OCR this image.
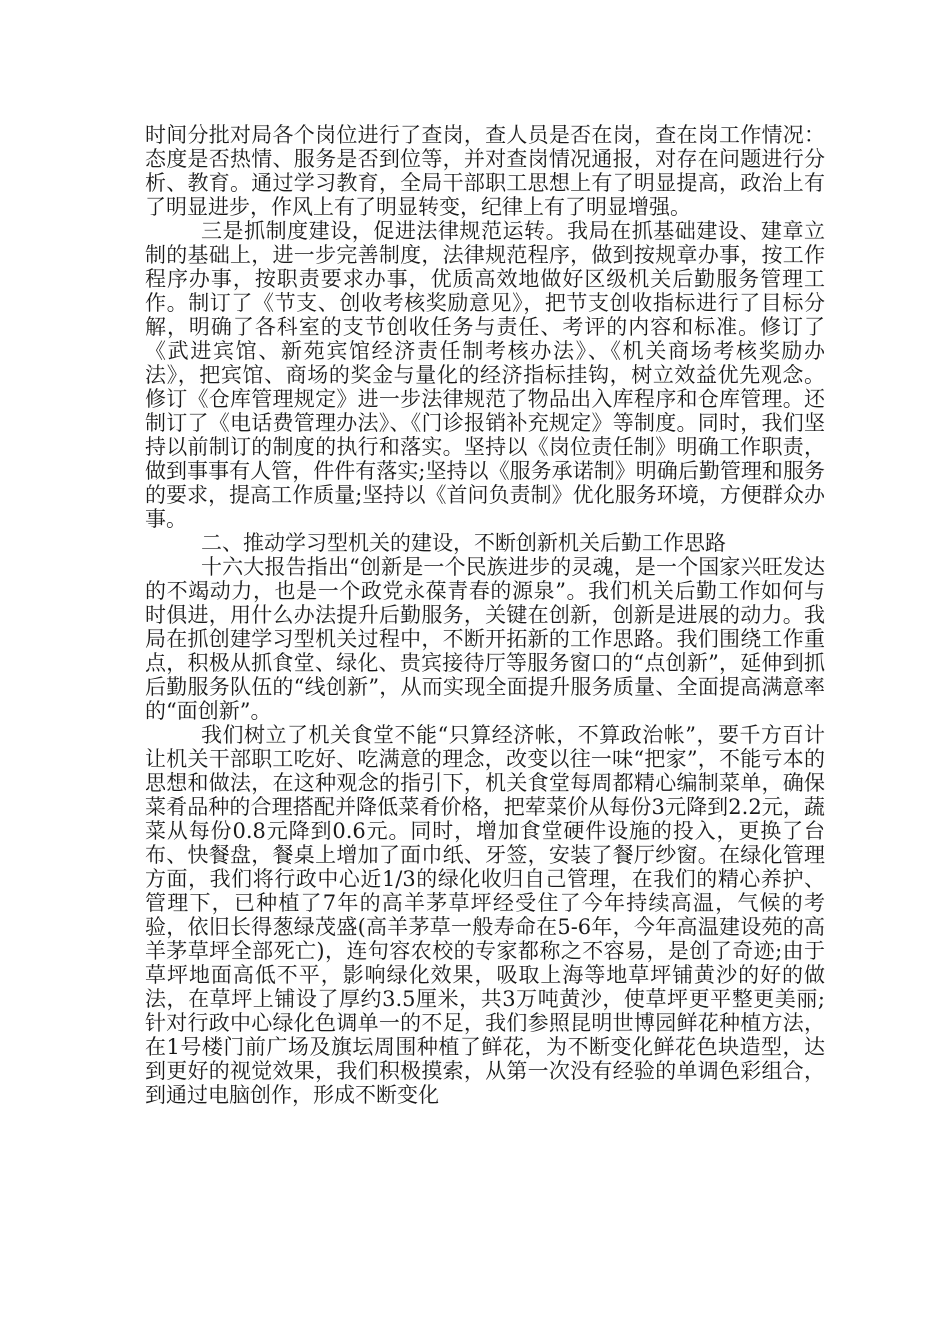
时间分批对局各个岗位进行了查岗，查人员是否在岗，查在岗工作情况：态度是否热情、服务是否到位等，并对查岗情况通报，对存在问题进行分析、教育。通过学习教育，全局干部职工思想上有了明显提高，政治上有了明显进步，作风上有了明显转变，纪律上有了明显增强。

三是抓制度建设，促进法律规范运转。我局在抓基础建设、建章立制的基础上，进一步完善制度，法律规范程序，做到按规章办事，按工作程序办事，按职责要求办事，优质高效地做好区级机关后勤服务管理工作。制订了《节支、创收考核奖励意见》，把节支创收指标进行了目标分解，明确了各科室的支节创收任务与责任、考评的内容和标准。修订了《武进宾馆、新苑宾馆经济责任制考核办法》、《机关商场考核奖励办法》，把宾馆、商场的奖金与量化的经济指标挂钩，树立效益优先观念。修订《仓库管理规定》进一步法律规范了物品出入库程序和仓库管理。还制订了《电话费管理办法》、《门诊报销补充规定》等制度。同时，我们坚持以前制订的制度的执行和落实。坚持以《岗位责任制》明确工作职责，做到事事有人管，件件有落实;坚持以《服务承诺制》明确后勤管理和服务的要求，提高工作质量;坚持以《首问负责制》优化服务环境，方便群众办事。

二、推动学习型机关的建设，不断创新机关后勤工作思路

十六大报告指出“创新是一个民族进步的灵魂，是一个国家兴旺发达的不竭动力，也是一个政党永葆青春的源泉”。我们机关后勤工作如何与时俱进，用什么办法提升后勤服务，关键在创新，创新是进展的动力。我局在抓创建学习型机关过程中，不断开拓新的工作思路。我们围绕工作重点，积极从抓食堂、绿化、贵宾接待厅等服务窗口的“点创新”，延伸到抓后勤服务队伍的“线创新”，从而实现全面提升服务质量、全面提高满意率的“面创新”。

我们树立了机关食堂不能“只算经济帐，不算政治帐”，要千方百计让机关干部职工吃好、吃满意的理念，改变以往一味“把家”，不能亏本的思想和做法，在这种观念的指引下，机关食堂每周都精心编制菜单，确保菜肴品种的合理搭配并降低菜肴价格，把荤菜价从每份3元降到2.2元，蔬菜从每份0.8元降到0.6元。同时，增加食堂硬件设施的投入，更换了台布、快餐盘，餐桌上增加了面巾纸、牙签，安装了餐厅纱窗。在绿化管理方面，我们将行政中心近1/3的绿化收归自己管理，在我们的精心养护、管理下，已种植了7年的高羊茅草坪经受住了今年持续高温，气候的考验，依旧长得葱绿茂盛(高羊茅草一般寿命在5-6年，今年高温建设苑的高羊茅草坪全部死亡)，连句容农校的专家都称之不容易，是创了奇迹;由于草坪地面高低不平，影响绿化效果，吸取上海等地草坪铺黄沙的好的做法，在草坪上铺设了厚约3.5厘米，共3万吨黄沙，使草坪更平整更美丽;针对行政中心绿化色调单一的不足，我们参照昆明世博园鲜花种植方法，在1号楼门前广场及旗坛周围种植了鲜花，为不断变化鲜花色块造型，达到更好的视觉效果，我们积极摸索，从第一次没有经验的单调色彩组合，到通过电脑创作，形成不断变化
